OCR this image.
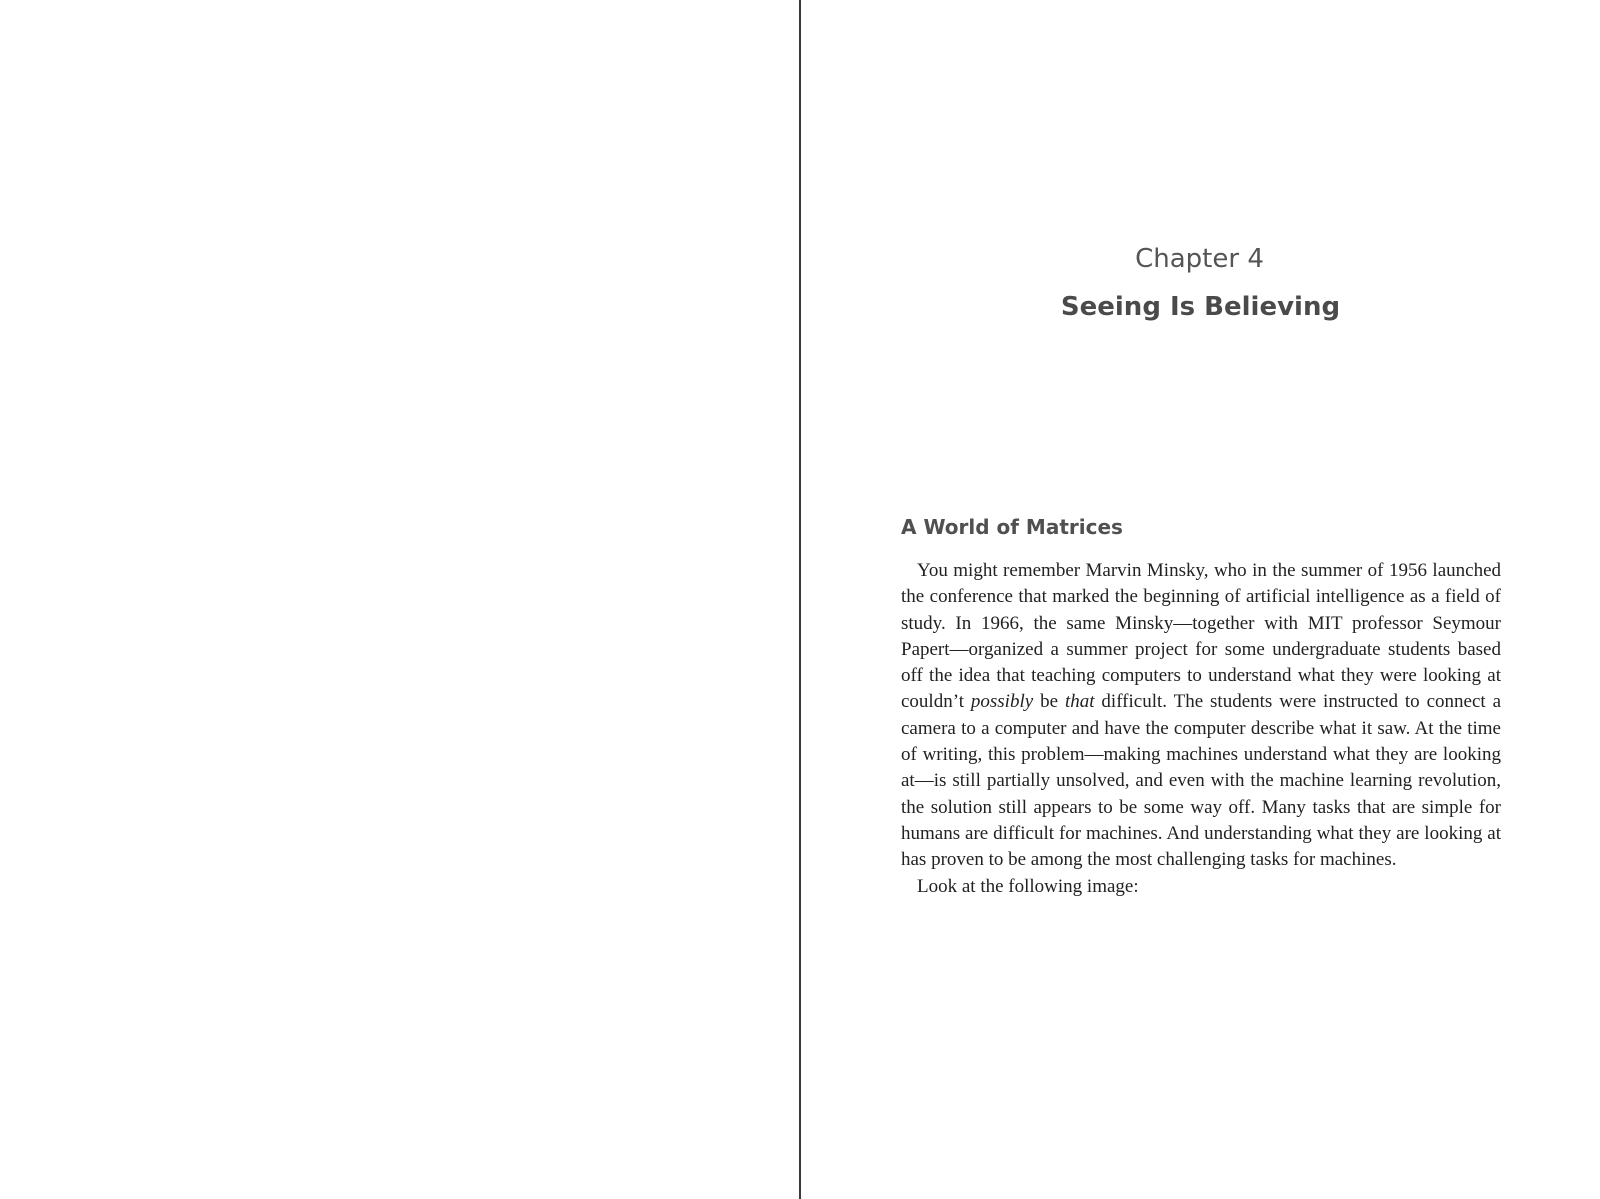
Chapter 4
Seeing Is Believing
A World of Matrices

You might remember Marvin Minsky, who in the summer of 1956 launched the conference that marked the beginning of artificial intelligence as a field of study. In 1966, the same Minsky—together with MIT professor Seymour Papert—organized a summer project for some undergraduate students based off the idea that teaching computers to understand what they were looking at couldn’t possibly be that difficult. The students were instructed to connect a camera to a computer and have the computer describe what it saw. At the time of writing, this problem—making machines understand what they are looking at—is still partially unsolved, and even with the machine learning revolution, the solution still appears to be some way off. Many tasks that are simple for humans are difficult for machines. And understanding what they are looking at has proven to be among the most challenging tasks for machines.

Look at the following image:
